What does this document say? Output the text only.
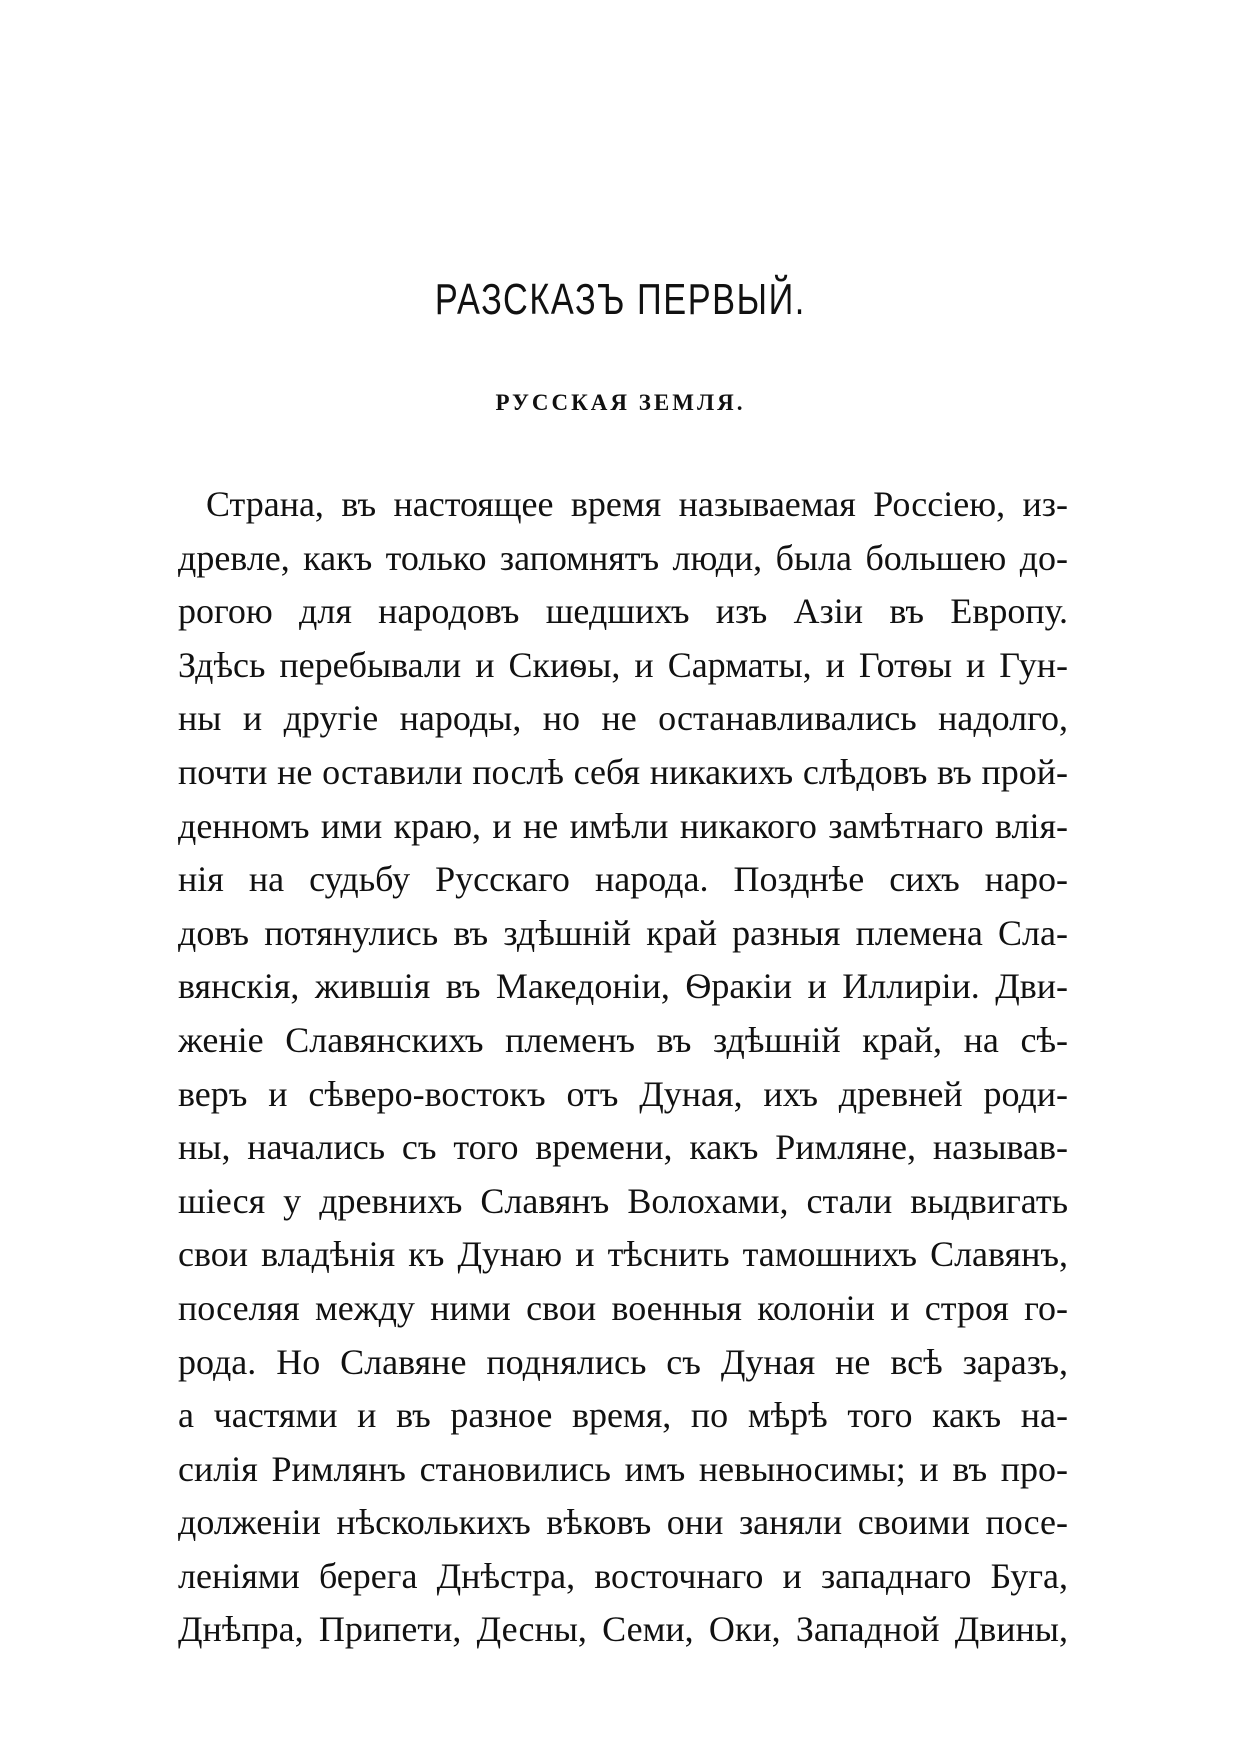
РАЗСКАЗЪ ПЕРВЫЙ.
РУССКАЯ ЗЕМЛЯ.
Страна, въ настоящее время называемая Россіею, из-
древле, какъ только запомнятъ люди, была большею до-
рогою для народовъ шедшихъ изъ Азіи въ Европу.
Здѣсь перебывали и Скиѳы, и Сарматы, и Готѳы и Гун-
ны и другіе народы, но не останавливались надолго,
почти не оставили послѣ себя никакихъ слѣдовъ въ прой-
денномъ ими краю, и не имѣли никакого замѣтнаго влія-
нія на судьбу Русскаго народа. Позднѣе сихъ наро-
довъ потянулись въ здѣшній край разныя племена Сла-
вянскія, жившія въ Македоніи, Ѳракіи и Иллиріи. Дви-
женіе Славянскихъ племенъ въ здѣшній край, на сѣ-
веръ и сѣверо-востокъ отъ Дуная, ихъ древней роди-
ны, начались съ того времени, какъ Римляне, называв-
шіеся у древнихъ Славянъ Волохами, стали выдвигать
свои владѣнія къ Дунаю и тѣснить тамошнихъ Славянъ,
поселяя между ними свои военныя колоніи и строя го-
рода. Но Славяне поднялись съ Дуная не всѣ заразъ,
а частями и въ разное время, по мѣрѣ того какъ на-
силія Римлянъ становились имъ невыносимы; и въ про-
долженіи нѣсколькихъ вѣковъ они заняли своими посе-
леніями берега Днѣстра, восточнаго и западнаго Буга,
Днѣпра, Припети, Десны, Семи, Оки, Западной Двины,
